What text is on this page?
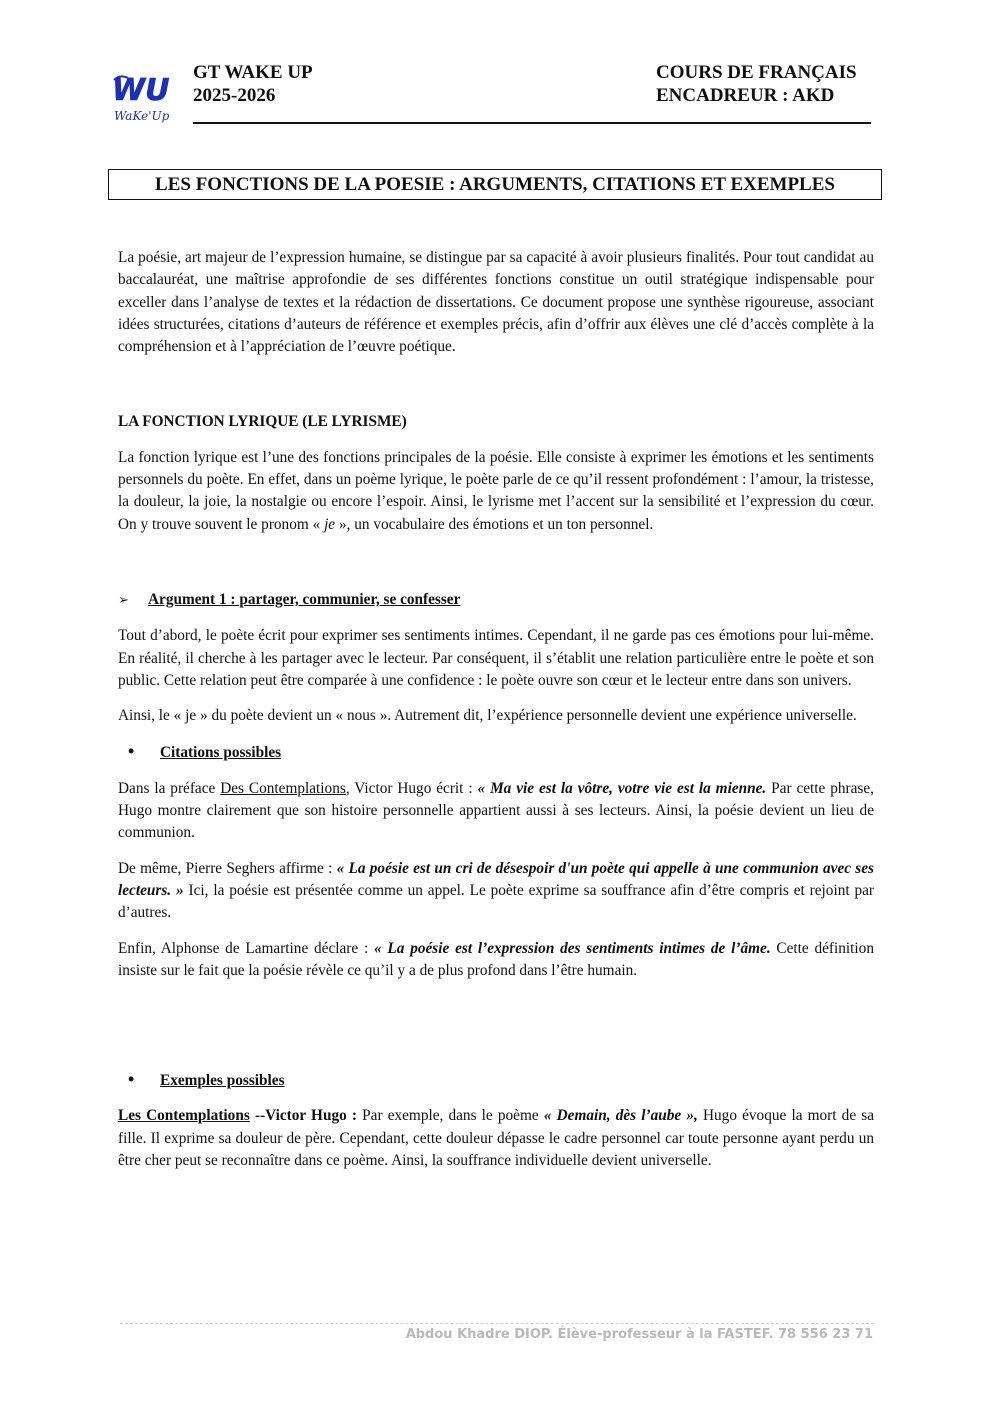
WU
WaKe'Up
GT WAKE UP
2025-2026
COURS DE FRANÇAIS
ENCADREUR : AKD
LES FONCTIONS DE LA POESIE : ARGUMENTS, CITATIONS ET EXEMPLES

La poésie, art majeur de l’expression humaine, se distingue par sa capacité à avoir plusieurs finalités. Pour tout candidat au baccalauréat, une maîtrise approfondie de ses différentes fonctions constitue un outil stratégique indispensable pour exceller dans l’analyse de textes et la rédaction de dissertations. Ce document propose une synthèse rigoureuse, associant idées structurées, citations d’auteurs de référence et exemples précis, afin d’offrir aux élèves une clé d’accès complète à la compréhension et à l’appréciation de l’œuvre poétique.

LA FONCTION LYRIQUE (LE LYRISME)

La fonction lyrique est l’une des fonctions principales de la poésie. Elle consiste à exprimer les émotions et les sentiments personnels du poète. En effet, dans un poème lyrique, le poète parle de ce qu’il ressent profondément : l’amour, la tristesse, la douleur, la joie, la nostalgie ou encore l’espoir. Ainsi, le lyrisme met l’accent sur la sensibilité et l’expression du cœur. On y trouve souvent le pronom « je », un vocabulaire des émotions et un ton personnel.

➢	Argument 1 : partager, communier, se confesser

Tout d’abord, le poète écrit pour exprimer ses sentiments intimes. Cependant, il ne garde pas ces émotions pour lui-même. En réalité, il cherche à les partager avec le lecteur. Par conséquent, il s’établit une relation particulière entre le poète et son public. Cette relation peut être comparée à une confidence : le poète ouvre son cœur et le lecteur entre dans son univers.

Ainsi, le « je » du poète devient un « nous ». Autrement dit, l’expérience personnelle devient une expérience universelle.

•	Citations possibles

Dans la préface Des Contemplations, Victor Hugo écrit : « Ma vie est la vôtre, votre vie est la mienne. Par cette phrase, Hugo montre clairement que son histoire personnelle appartient aussi à ses lecteurs. Ainsi, la poésie devient un lieu de communion.

De même, Pierre Seghers affirme : « La poésie est un cri de désespoir d'un poète qui appelle à une communion avec ses lecteurs. » Ici, la poésie est présentée comme un appel. Le poète exprime sa souffrance afin d’être compris et rejoint par d’autres.

Enfin, Alphonse de Lamartine déclare : « La poésie est l’expression des sentiments intimes de l’âme. Cette définition insiste sur le fait que la poésie révèle ce qu’il y a de plus profond dans l’être humain.

•	Exemples possibles

Les Contemplations --Victor Hugo : Par exemple, dans le poème « Demain, dès l’aube », Hugo évoque la mort de sa fille. Il exprime sa douleur de père. Cependant, cette douleur dépasse le cadre personnel car toute personne ayant perdu un être cher peut se reconnaître dans ce poème. Ainsi, la souffrance individuelle devient universelle.

Abdou Khadre DIOP. Élève-professeur à la FASTEF. 78 556 23 71
